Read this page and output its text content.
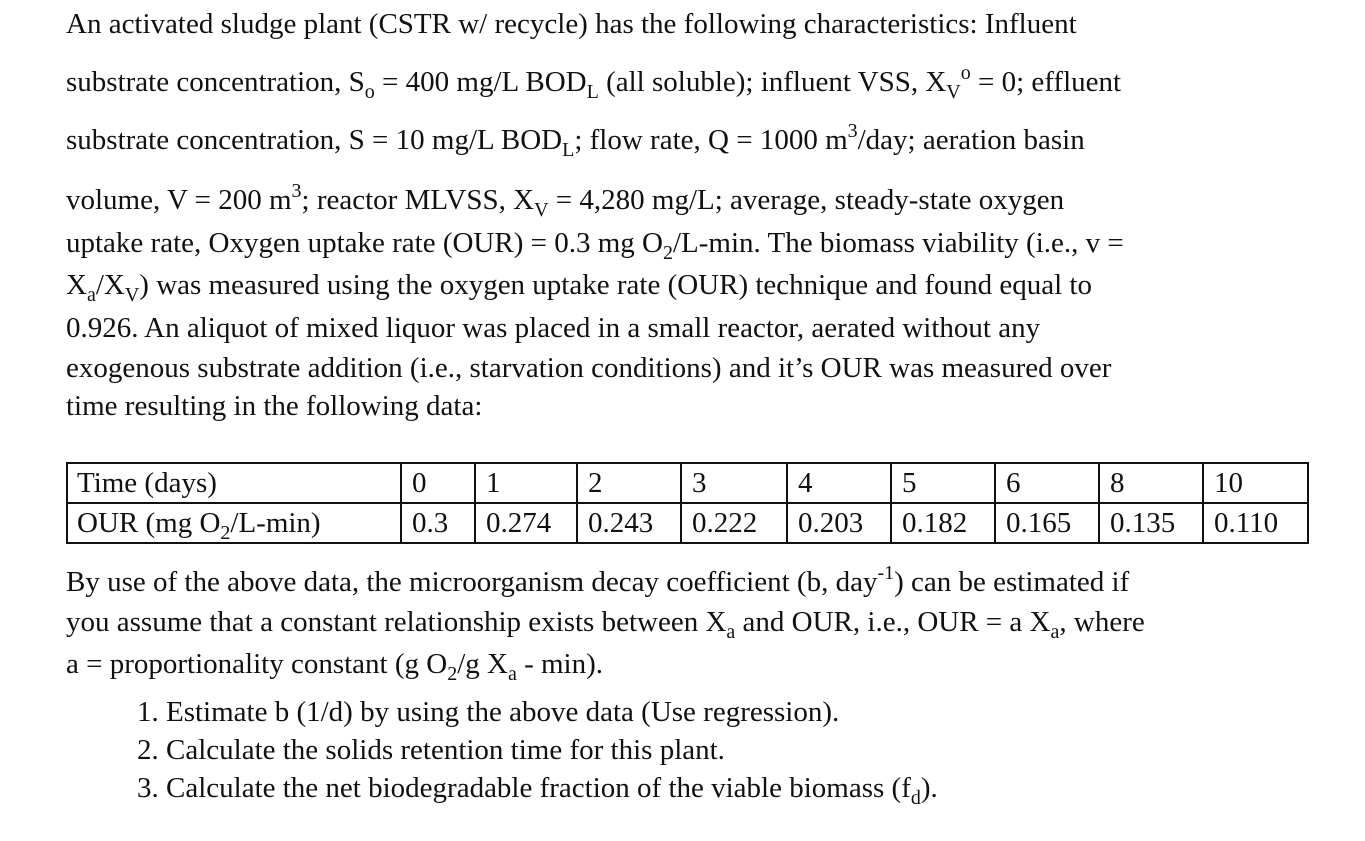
An activated sludge plant (CSTR w/ recycle) has the following characteristics: Influent
substrate concentration, $S_o = 400$ mg/L $BOD_L$ (all soluble); influent VSS, $X_V^o = 0$; effluent
substrate concentration, S = 10 mg/L $BOD_L$; flow rate, Q = 1000 $m^3$/day; aeration basin
volume, V = 200 $m^3$; reactor MLVSS, $X_V = 4,280$ mg/L; average, steady-state oxygen
uptake rate, Oxygen uptake rate (OUR) = 0.3 mg $O_2/L-\min$. The biomass viability (i.e., v =
$X_a/X_V$) was measured using the oxygen uptake rate (OUR) technique and found equal to
0.926. An aliquot of mixed liquor was placed in a small reactor, aerated without any
exogenous substrate addition (i.e., starvation conditions) and it’s OUR was measured over
time resulting in the following data:
Time (days)	0	1	2	3	4	5	6	8	10
OUR (mg $O_2/L-\min$)	0.3	0.274	0.243	0.222	0.203	0.182	0.165	0.135	0.110
By use of the above data, the microorganism decay coefficient (b, day$^{-1}$) can be estimated if
you assume that a constant relationship exists between $X_a$ and OUR, i.e., OUR = a $X_a$, where
a = proportionality constant (g $O_2/g$ $X_a - \min$).
1. Estimate b (1/d) by using the above data (Use regression).
2. Calculate the solids retention time for this plant.
3. Calculate the net biodegradable fraction of the viable biomass $(f_d)$.
